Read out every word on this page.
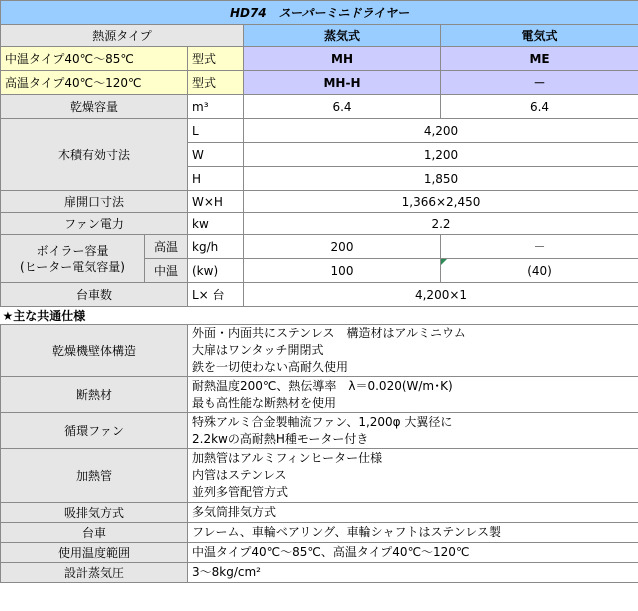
HD74　スーパーミニドライヤー				
熱源タイプ			蒸気式	電気式
中温タイプ40℃～85℃		型式	MH	ME
高温タイプ40℃～120℃		型式	MH-H	－
乾燥容量		m³	6.4	6.4
木積有効寸法		L	4,200	
		W	1,200	
		H	1,850	
扉開口寸法		W×H	1,366×2,450	
ファン電力		kw	2.2	

ボイラー容量
(ヒーター電気容量)	高温	kg/h	200	－
	中温	(kw)	100	(40)
台車数		L× 台	4,200×1	
★主な共通仕様	
乾燥機壁体構造	外面・内面共にステンレス　構造材はアルミニウム
大扉はワンタッチ開閉式
鉄を一切使わない高耐久使用

断熱材	耐熱温度200℃、熱伝導率　λ＝0.020(W/m･K)
最も高性能な断熱材を使用

循環ファン	特殊アルミ合金製軸流ファン、1,200φ 大翼径に
2.2kwの高耐熱H種モーター付き

加熱管	加熱管はアルミフィンヒーター仕様
内管はステンレス
並列多管配管方式

吸排気方式	多気筒排気方式

台車	フレーム、車輪ベアリング、車輪シャフトはステンレス製

使用温度範囲	中温タイプ40℃～85℃、高温タイプ40℃～120℃

設計蒸気圧	3～8kg/cm²
